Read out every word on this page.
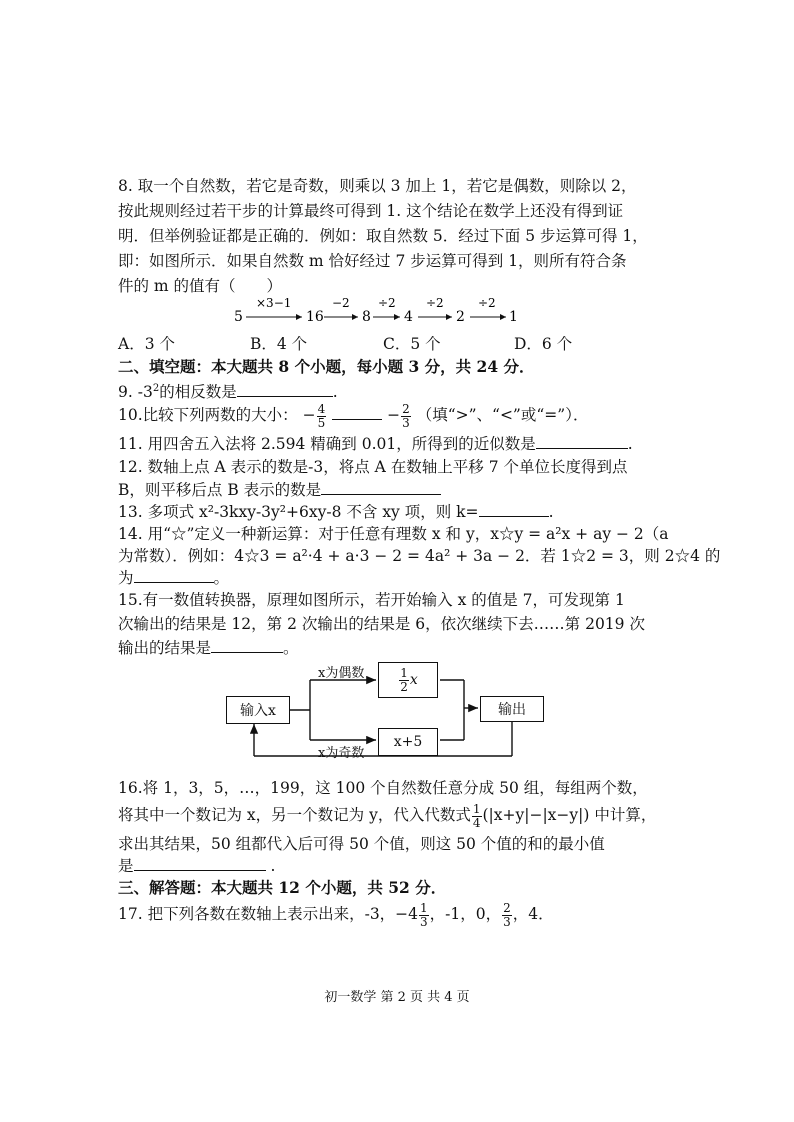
8. 取一个自然数，若它是奇数，则乘以 3 加上 1，若它是偶数，则除以 2，
按此规则经过若干步的计算最终可得到 1. 这个结论在数学上还没有得到证
明．但举例验证都是正确的．例如：取自然数 5．经过下面 5 步运算可得 1，
即：如图所示．如果自然数 m 恰好经过 7 步运算可得到 1，则所有符合条
件的 m 的值有（　　）
5
×3−1
16
−2
8
÷2
4
÷2
2
÷2
1
A．3 个	B．4 个	C．5 个	D．6 个
二、填空题：本大题共 8 个小题，每小题 3 分，共 24 分．
9. $-3^2$的相反数是	.
10.比较下列两数的大小： − $\frac{4}{5}$	− $\frac{2}{3}$ （填“>”、“<”或“=”）．
11. 用四舍五入法将 2.594 精确到 0.01，所得到的近似数是	.
12. 数轴上点 A 表示的数是-3，将点 A 在数轴上平移 7 个单位长度得到点
B，则平移后点 B 表示的数是
13. 多项式 x²-3kxy-3y²+6xy-8 不含 xy 项，则 k=	.
14. 用“☆”定义一种新运算：对于任意有理数 x 和 y，x☆y = a²x + ay − 2（a
为常数）．例如：4☆3 = a²·4 + a·3 − 2 = 4a² + 3a − 2．若 1☆2 = 3，则 2☆4 的
为	。
15.有一数值转换器，原理如图所示，若开始输入 x 的值是 7，可发现第 1
次输出的结果是 12，第 2 次输出的结果是 6，依次继续下去……第 2019 次
输出的结果是	。
输入x
$\frac{1}{2}$ x
x+5
输出
x为偶数
x为奇数
16.将 1，3，5，…，199，这 100 个自然数任意分成 50 组，每组两个数，
将其中一个数记为 x，另一个数记为 y，代入代数式 $\frac{1}{4} (|x+y|-|x-y|)$ 中计算，
求出其结果，50 组都代入后可得 50 个值，则这 50 个值的和的最小值
是	.
三、解答题：本大题共 12 个小题，共 52 分．
17. 把下列各数在数轴上表示出来，-3，$-4 \frac{1}{3}$ ，-1，0， $\frac{2}{3}$ ，4．
初一数学 第 2 页 共 4 页
